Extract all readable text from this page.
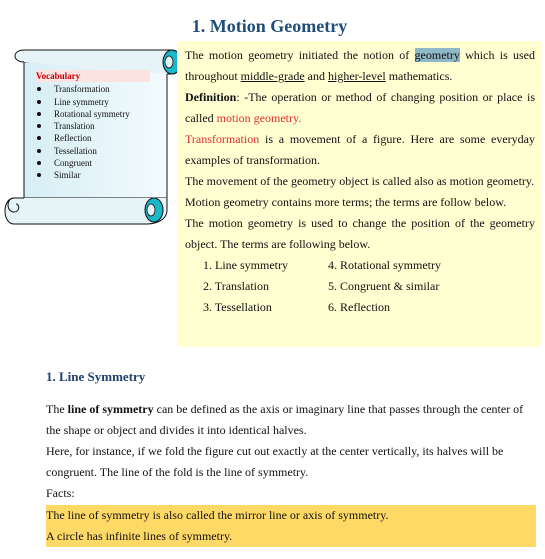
1. Motion Geometry
Vocabulary
Transformation
Line symmetry
Rotational symmetry
Translation
Reflection
Tessellation
Congruent
Similar

The motion geometry initiated the notion of geometry which is used throughout middle-grade and higher-level mathematics.

Definition: -The operation or method of changing position or place is called motion geometry.

Transformation is a movement of a figure. Here are some everyday examples of transformation.

The movement of the geometry object is called also as motion geometry.

Motion geometry contains more terms; the terms are follow below.

The motion geometry is used to change the position of the geometry object. The terms are following below.

1. Line symmetry	4. Rotational symmetry
2. Translation	5. Congruent & similar
3. Tessellation	6. Reflection
1. Line Symmetry

The line of symmetry can be defined as the axis or imaginary line that passes through the center of the shape or object and divides it into identical halves.

Here, for instance, if we fold the figure cut out exactly at the center vertically, its halves will be congruent. The line of the fold is the line of symmetry.

Facts:

The line of symmetry is also called the mirror line or axis of symmetry.

A circle has infinite lines of symmetry.
